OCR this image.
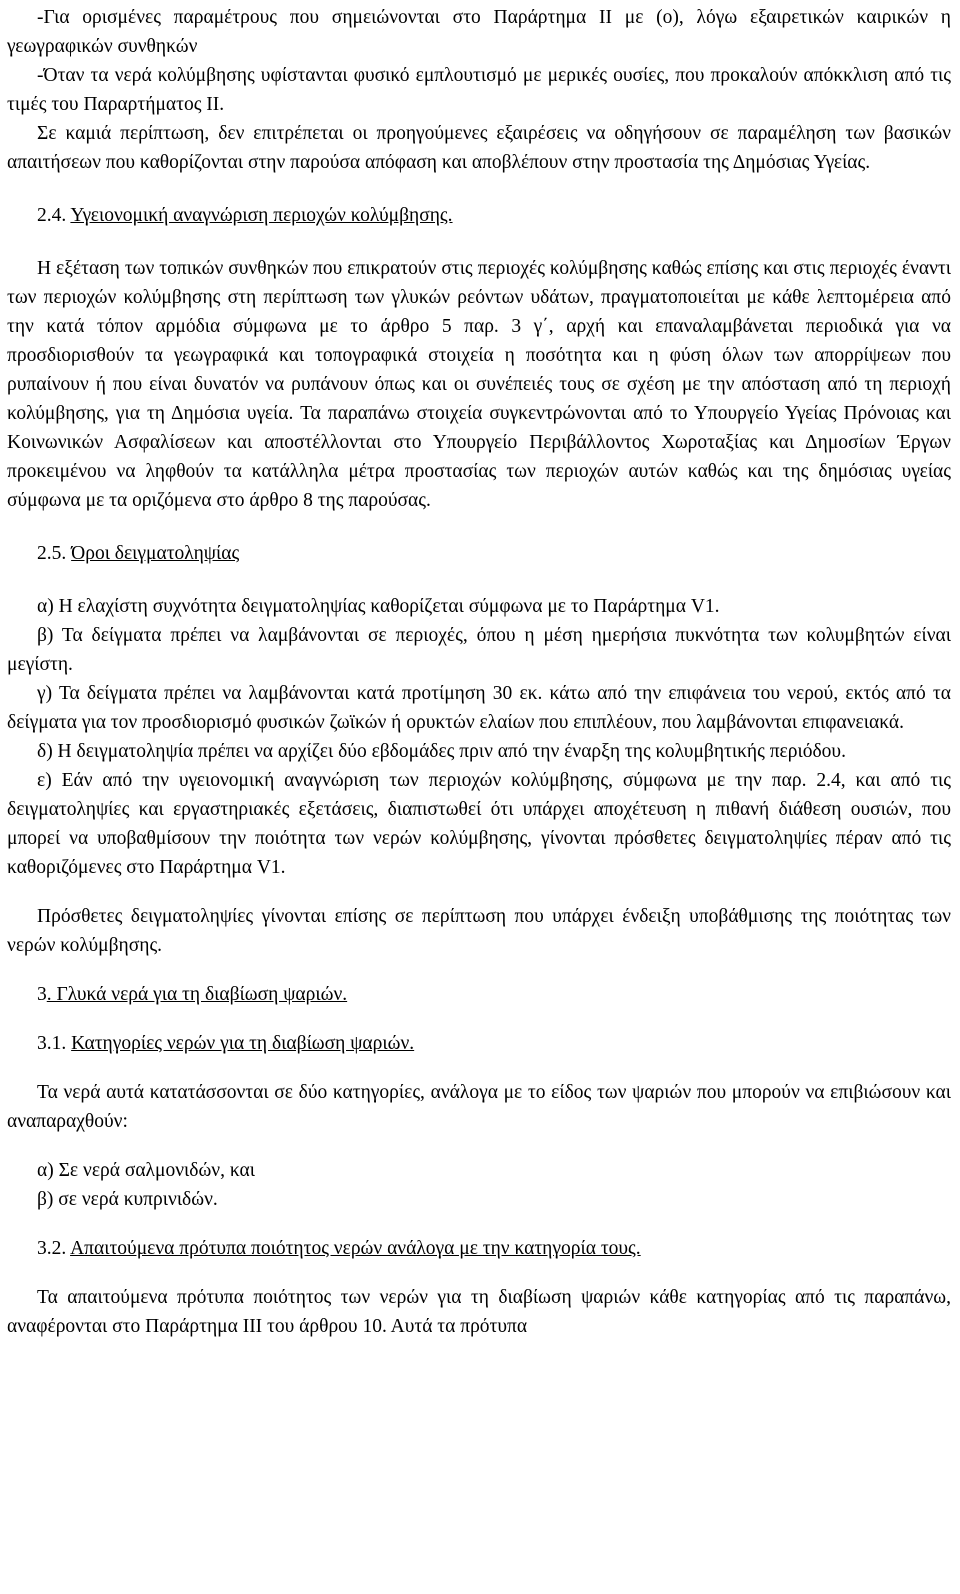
-Για ορισμένες παραμέτρους που σημειώνονται στο Παράρτημα ΙΙ με (ο), λόγω εξαιρετικών καιρικών η γεωγραφικών συνθηκών

-Όταν τα νερά κολύμβησης υφίστανται φυσικό εμπλουτισμό με μερικές ουσίες, που προκαλούν απόκκλιση από τις τιμές του Παραρτήματος ΙΙ.

Σε καμιά περίπτωση, δεν επιτρέπεται οι προηγούμενες εξαιρέσεις να οδηγήσουν σε παραμέληση των βασικών απαιτήσεων που καθορίζονται στην παρούσα απόφαση και αποβλέπουν στην προστασία της Δημόσιας Υγείας.

2.4. Υγειονομική αναγνώριση περιοχών κολύμβησης.

Η εξέταση των τοπικών συνθηκών που επικρατούν στις περιοχές κολύμβησης καθώς επίσης και στις περιοχές έναντι των περιοχών κολύμβησης στη περίπτωση των γλυκών ρεόντων υδάτων, πραγματοποιείται με κάθε λεπτομέρεια από την κατά τόπον αρμόδια σύμφωνα με το άρθρο 5 παρ. 3 γ΄, αρχή και επαναλαμβάνεται περιοδικά για να προσδιορισθούν τα γεωγραφικά και τοπογραφικά στοιχεία η ποσότητα και η φύση όλων των απορρίψεων που ρυπαίνουν ή που είναι δυνατόν να ρυπάνουν όπως και οι συνέπειές τους σε σχέση με την απόσταση από τη περιοχή κολύμβησης, για τη Δημόσια υγεία. Τα παραπάνω στοιχεία συγκεντρώνονται από το Υπουργείο Υγείας Πρόνοιας και Κοινωνικών Ασφαλίσεων και αποστέλλονται στο Υπουργείο Περιβάλλοντος Χωροταξίας και Δημοσίων Έργων προκειμένου να ληφθούν τα κατάλληλα μέτρα προστασίας των περιοχών αυτών καθώς και της δημόσιας υγείας σύμφωνα με τα οριζόμενα στο άρθρο 8 της παρούσας.

2.5. Όροι δειγματοληψίας

α) Η ελαχίστη συχνότητα δειγματοληψίας καθορίζεται σύμφωνα με το Παράρτημα V1.

β) Τα δείγματα πρέπει να λαμβάνονται σε περιοχές, όπου η μέση ημερήσια πυκνότητα των κολυμβητών είναι μεγίστη.

γ) Τα δείγματα πρέπει να λαμβάνονται κατά προτίμηση 30 εκ. κάτω από την επιφάνεια του νερού, εκτός από τα δείγματα για τον προσδιορισμό φυσικών ζωϊκών ή ορυκτών ελαίων που επιπλέουν, που λαμβάνονται επιφανειακά.

δ) Η δειγματοληψία πρέπει να αρχίζει δύο εβδομάδες πριν από την έναρξη της κολυμβητικής περιόδου.

ε) Εάν από την υγειονομική αναγνώριση των περιοχών κολύμβησης, σύμφωνα με την παρ. 2.4, και από τις δειγματοληψίες και εργαστηριακές εξετάσεις, διαπιστωθεί ότι υπάρχει αποχέτευση η πιθανή διάθεση ουσιών, που μπορεί να υποβαθμίσουν την ποιότητα των νερών κολύμβησης, γίνονται πρόσθετες δειγματοληψίες πέραν από τις καθοριζόμενες στο Παράρτημα V1.

Πρόσθετες δειγματοληψίες γίνονται επίσης σε περίπτωση που υπάρχει ένδειξη υποβάθμισης της ποιότητας των νερών κολύμβησης.

3. Γλυκά νερά για τη διαβίωση ψαριών.

3.1. Κατηγορίες νερών για τη διαβίωση ψαριών.

Τα νερά αυτά κατατάσσονται σε δύο κατηγορίες, ανάλογα με το είδος των ψαριών που μπορούν να επιβιώσουν και αναπαραχθούν:

α) Σε νερά σαλμονιδών, και

β) σε νερά κυπρινιδών.

3.2. Απαιτούμενα πρότυπα ποιότητος νερών ανάλογα με την κατηγορία τους.

Τα απαιτούμενα πρότυπα ποιότητος των νερών για τη διαβίωση ψαριών κάθε κατηγορίας από τις παραπάνω, αναφέρονται στο Παράρτημα ΙΙΙ του άρθρου 10. Αυτά τα πρότυπα
